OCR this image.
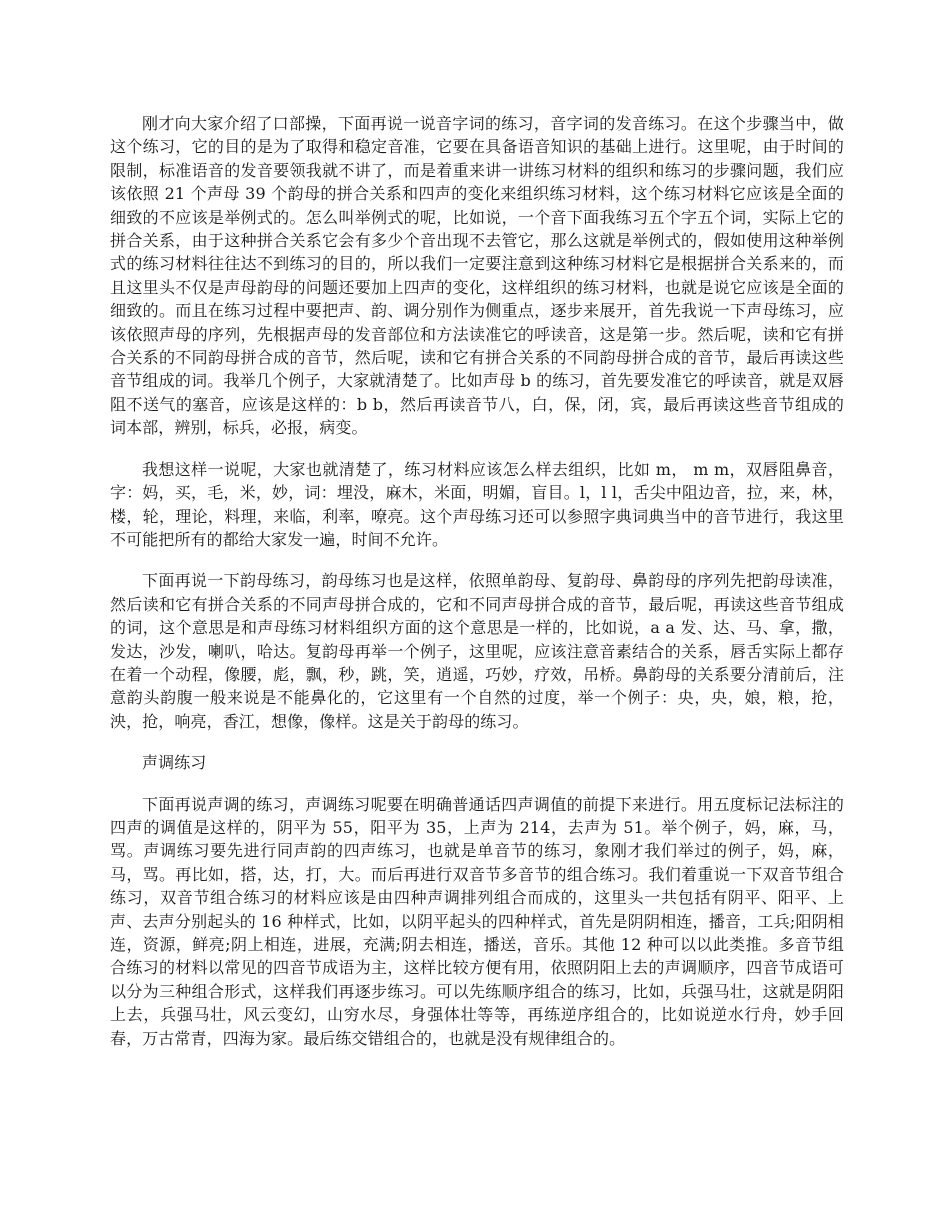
刚才向大家介绍了口部操，下面再说一说音字词的练习，音字词的发音练习。在这个步骤当中，做这个练习，它的目的是为了取得和稳定音准，它要在具备语音知识的基础上进行。这里呢，由于时间的限制，标准语音的发音要领我就不讲了，而是着重来讲一讲练习材料的组织和练习的步骤问题，我们应该依照 21 个声母 39 个韵母的拼合关系和四声的变化来组织练习材料，这个练习材料它应该是全面的细致的不应该是举例式的。怎么叫举例式的呢，比如说，一个音下面我练习五个字五个词，实际上它的拼合关系，由于这种拼合关系它会有多少个音出现不去管它，那么这就是举例式的，假如使用这种举例式的练习材料往往达不到练习的目的，所以我们一定要注意到这种练习材料它是根据拼合关系来的，而且这里头不仅是声母韵母的问题还要加上四声的变化，这样组织的练习材料，也就是说它应该是全面的细致的。而且在练习过程中要把声、韵、调分别作为侧重点，逐步来展开，首先我说一下声母练习，应该依照声母的序列，先根据声母的发音部位和方法读准它的呼读音，这是第一步。然后呢，读和它有拼合关系的不同韵母拼合成的音节，然后呢，读和它有拼合关系的不同韵母拼合成的音节，最后再读这些音节组成的词。我举几个例子，大家就清楚了。比如声母 b 的练习，首先要发准它的呼读音，就是双唇阻不送气的塞音，应该是这样的：b b，然后再读音节八，白，保，闭，宾，最后再读这些音节组成的词本部，辨别，标兵，必报，病变。

我想这样一说呢，大家也就清楚了，练习材料应该怎么样去组织，比如 m， m m，双唇阻鼻音，字：妈，买，毛，米，妙，词：埋没，麻木，米面，明媚，盲目。l，l l，舌尖中阻边音，拉，来，林，楼，轮，理论，料理，来临，利率，嘹亮。这个声母练习还可以参照字典词典当中的音节进行，我这里不可能把所有的都给大家发一遍，时间不允许。

下面再说一下韵母练习，韵母练习也是这样，依照单韵母、复韵母、鼻韵母的序列先把韵母读准，然后读和它有拼合关系的不同声母拼合成的，它和不同声母拼合成的音节，最后呢，再读这些音节组成的词，这个意思是和声母练习材料组织方面的这个意思是一样的，比如说，a a 发、达、马、拿，撒，发达，沙发，喇叭，哈达。复韵母再举一个例子，这里呢，应该注意音素结合的关系，唇舌实际上都存在着一个动程，像腰，彪，飘，秒，跳，笑，逍遥，巧妙，疗效，吊桥。鼻韵母的关系要分清前后，注意韵头韵腹一般来说是不能鼻化的，它这里有一个自然的过度，举一个例子：央，央，娘，粮，抢，泱，抢，响亮，香江，想像，像样。这是关于韵母的练习。

声调练习

下面再说声调的练习，声调练习呢要在明确普通话四声调值的前提下来进行。用五度标记法标注的四声的调值是这样的，阴平为 55，阳平为 35，上声为 214，去声为 51。举个例子，妈，麻，马，骂。声调练习要先进行同声韵的四声练习，也就是单音节的练习，象刚才我们举过的例子，妈，麻，马，骂。再比如，搭，达，打，大。而后再进行双音节多音节的组合练习。我们着重说一下双音节组合练习，双音节组合练习的材料应该是由四种声调排列组合而成的，这里头一共包括有阴平、阳平、上声、去声分别起头的 16 种样式，比如，以阴平起头的四种样式，首先是阴阴相连，播音，工兵;阳阴相连，资源，鲜亮;阴上相连，进展，充满;阴去相连，播送，音乐。其他 12 种可以以此类推。多音节组合练习的材料以常见的四音节成语为主，这样比较方便有用，依照阴阳上去的声调顺序，四音节成语可以分为三种组合形式，这样我们再逐步练习。可以先练顺序组合的练习，比如，兵强马壮，这就是阴阳上去，兵强马壮，风云变幻，山穷水尽，身强体壮等等，再练逆序组合的，比如说逆水行舟，妙手回春，万古常青，四海为家。最后练交错组合的，也就是没有规律组合的。
